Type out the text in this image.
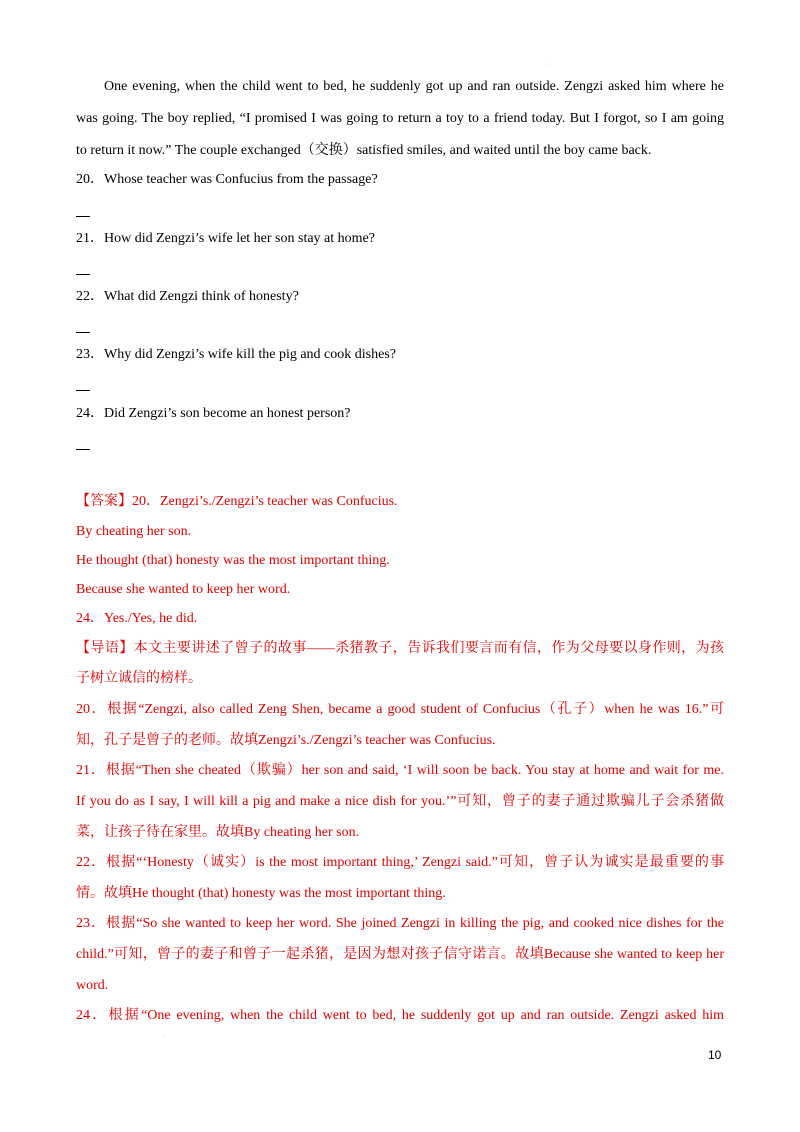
·
One evening, when the child went to bed, he suddenly got up and ran outside. Zengzi asked him where he
was going. The boy replied, “I promised I was going to return a toy to a friend today. But I forgot, so I am going
to return it now.” The couple exchanged（交换）satisfied smiles, and waited until the boy came back.
20．Whose teacher was Confucius from the passage?
21．How did Zengzi’s wife let her son stay at home?
22．What did Zengzi think of honesty?
23．Why did Zengzi’s wife kill the pig and cook dishes?
24．Did Zengzi’s son become an honest person?
【答案】20．Zengzi’s./Zengzi’s teacher was Confucius.
By cheating her son.
He thought (that) honesty was the most important thing.
Because she wanted to keep her word.
24．Yes./Yes, he did.
【导语】本文主要讲述了曾子的故事——杀猪教子，告诉我们要言而有信，作为父母要以身作则，为孩
子树立诚信的榜样。
20．根据“Zengzi, also called Zeng Shen, became a good student of Confucius（孔子）when he was 16.”可
知，孔子是曾子的老师。故填Zengzi’s./Zengzi’s teacher was Confucius.
21．根据“Then she cheated（欺骗）her son and said, ‘I will soon be back. You stay at home and wait for me.
If you do as I say, I will kill a pig and make a nice dish for you.’”可知，曾子的妻子通过欺骗儿子会杀猪做
菜，让孩子待在家里。故填By cheating her son.
22．根据“‘Honesty（诚实）is the most important thing,’ Zengzi said.”可知，曾子认为诚实是最重要的事
情。故填He thought (that) honesty was the most important thing.
23．根据“So she wanted to keep her word. She joined Zengzi in killing the pig, and cooked nice dishes for the
child.”可知，曾子的妻子和曾子一起杀猪，是因为想对孩子信守诺言。故填Because she wanted to keep her
word.
24．根据“One evening, when the child went to bed, he suddenly got up and ran outside. Zengzi asked him
·
10
